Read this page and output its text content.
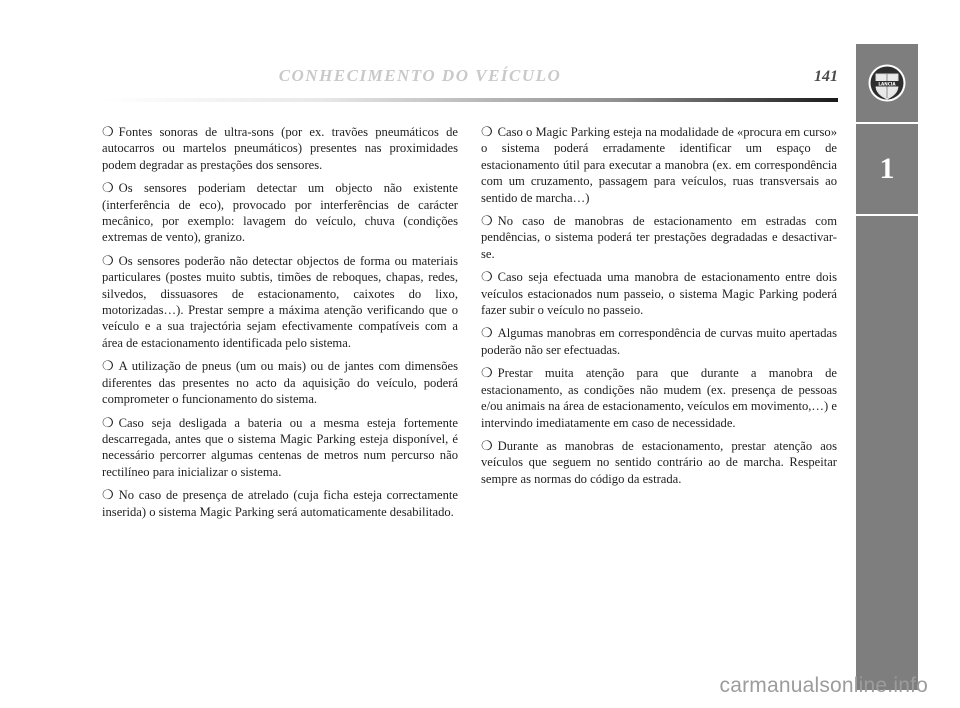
CONHECIMENTO DO VEÍCULO	141	LANCIA
1

❍ Fontes sonoras de ultra-sons (por ex. travões pneumáticos de autocarros ou martelos pneumáticos) presentes nas proximidades podem degradar as prestações dos sensores.

❍ Os sensores poderiam detectar um objecto não existente (interferência de eco), provocado por interferências de carácter mecânico, por exemplo: lavagem do veículo, chuva (condições extremas de vento), granizo.

❍ Os sensores poderão não detectar objectos de forma ou materiais particulares (postes muito subtis, timões de reboques, chapas, redes, silvedos, dissuasores de estacionamento, caixotes do lixo, motorizadas…). Prestar sempre a máxima atenção verificando que o veículo e a sua trajectória sejam efectivamente compatíveis com a área de estacionamento identificada pelo sistema.

❍ A utilização de pneus (um ou mais) ou de jantes com dimensões diferentes das presentes no acto da aquisição do veículo, poderá comprometer o funcionamento do sistema.

❍ Caso seja desligada a bateria ou a mesma esteja fortemente descarregada, antes que o sistema Magic Parking esteja disponível, é necessário percorrer algumas centenas de metros num percurso não rectilíneo para inicializar o sistema.

❍ No caso de presença de atrelado (cuja ficha esteja correctamente inserida) o sistema Magic Parking será automaticamente desabilitado.

❍ Caso o Magic Parking esteja na modalidade de «procura em curso» o sistema poderá erradamente identificar um espaço de estacionamento útil para executar a manobra (ex. em correspondência com um cruzamento, passagem para veículos, ruas transversais ao sentido de marcha…)

❍ No caso de manobras de estacionamento em estradas com pendências, o sistema poderá ter prestações degradadas e desactivar-se.

❍ Caso seja efectuada uma manobra de estacionamento entre dois veículos estacionados num passeio, o sistema Magic Parking poderá fazer subir o veículo no passeio.

❍ Algumas manobras em correspondência de curvas muito apertadas poderão não ser efectuadas.

❍ Prestar muita atenção para que durante a manobra de estacionamento, as condições não mudem (ex. presença de pessoas e/ou animais na área de estacionamento, veículos em movimento,…) e intervindo imediatamente em caso de necessidade.

❍ Durante as manobras de estacionamento, prestar atenção aos veículos que seguem no sentido contrário ao de marcha. Respeitar sempre as normas do código da estrada.

carmanualsonline.info
